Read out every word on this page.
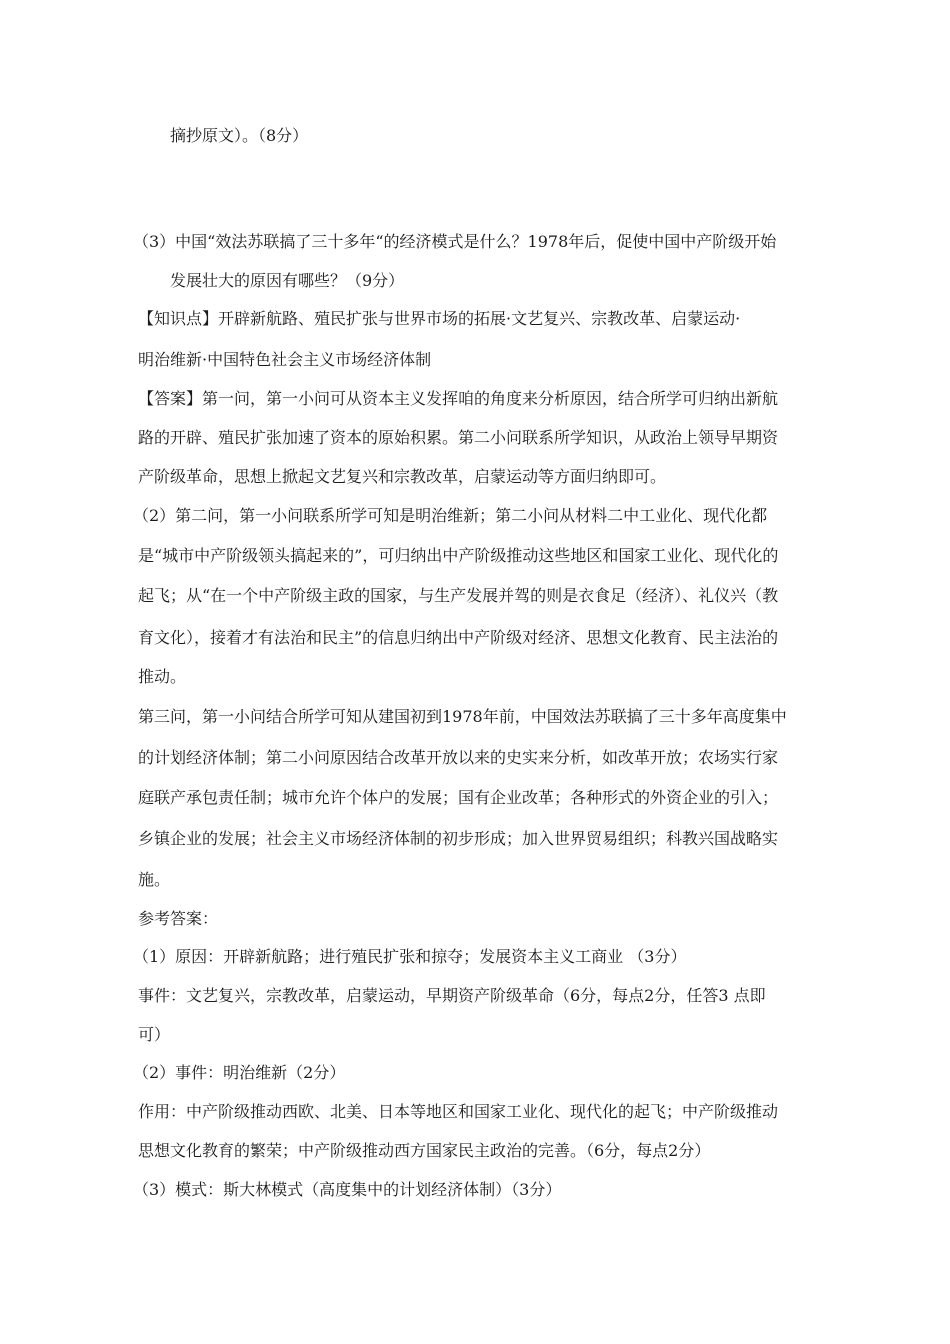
摘抄原文）。（8分）
（3）中国“效法苏联搞了三十多年“的经济模式是什么？1978年后，促使中国中产阶级开始
发展壮大的原因有哪些？（9分）
【知识点】开辟新航路、殖民扩张与世界市场的拓展·文艺复兴、宗教改革、启蒙运动·
明治维新·中国特色社会主义市场经济体制
【答案】第一问，第一小问可从资本主义发挥咱的角度来分析原因，结合所学可归纳出新航
路的开辟、殖民扩张加速了资本的原始积累。第二小问联系所学知识，从政治上领导早期资
产阶级革命，思想上掀起文艺复兴和宗教改革，启蒙运动等方面归纳即可。
（2）第二问，第一小问联系所学可知是明治维新；第二小问从材料二中工业化、现代化都
是“城市中产阶级领头搞起来的”，可归纳出中产阶级推动这些地区和国家工业化、现代化的
起飞；从“在一个中产阶级主政的国家，与生产发展并驾的则是衣食足（经济）、礼仪兴（教
育文化），接着才有法治和民主”的信息归纳出中产阶级对经济、思想文化教育、民主法治的
推动。
第三问，第一小问结合所学可知从建国初到1978年前，中国效法苏联搞了三十多年高度集中
的计划经济体制；第二小问原因结合改革开放以来的史实来分析，如改革开放；农场实行家
庭联产承包责任制；城市允许个体户的发展；国有企业改革；各种形式的外资企业的引入；
乡镇企业的发展；社会主义市场经济体制的初步形成；加入世界贸易组织；科教兴国战略实
施。
参考答案：
（1）原因：开辟新航路；进行殖民扩张和掠夺；发展资本主义工商业 （3分）
事件：文艺复兴，宗教改革，启蒙运动，早期资产阶级革命（6分，每点2分，任答3 点即
可）
（2）事件：明治维新（2分）
作用：中产阶级推动西欧、北美、日本等地区和国家工业化、现代化的起飞；中产阶级推动
思想文化教育的繁荣；中产阶级推动西方国家民主政治的完善。（6分，每点2分）
（3）模式：斯大林模式（高度集中的计划经济体制）（3分）
